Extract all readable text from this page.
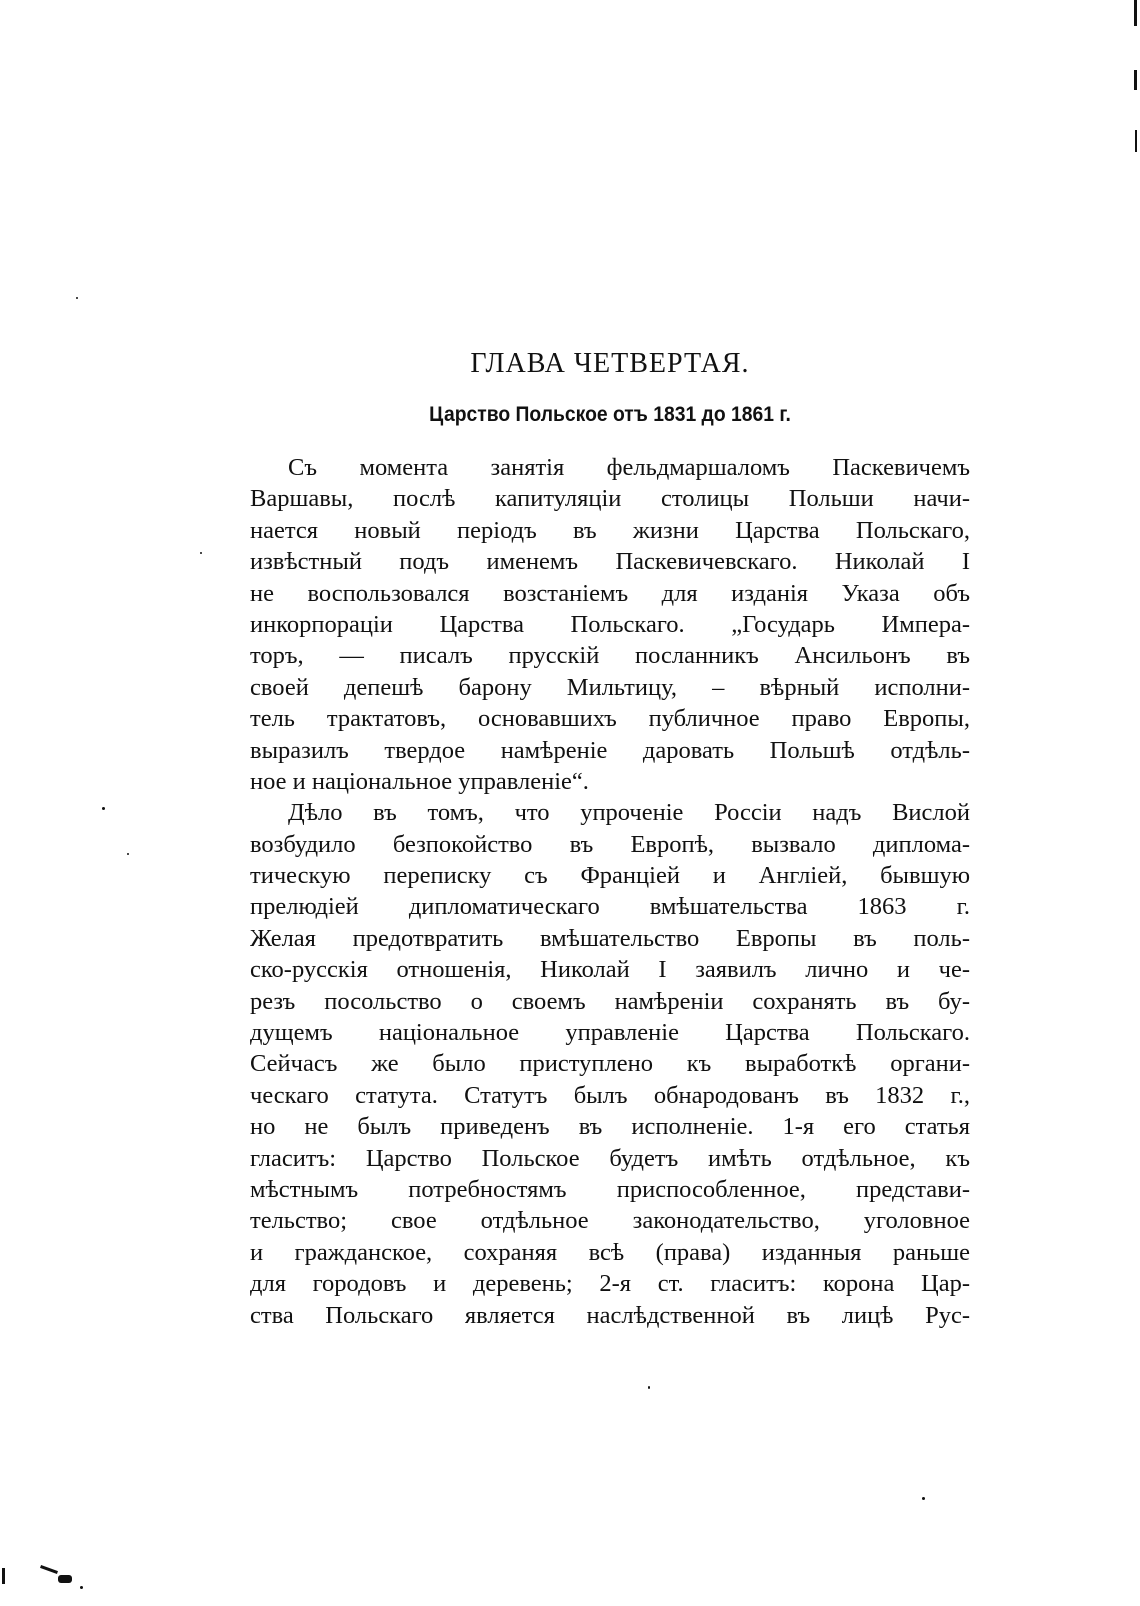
ГЛАВА ЧЕТВЕРТАЯ.
Царство Польское отъ 1831 до 1861 г.
Съ момента занятія фельдмаршаломъ Паскевичемъ
Варшавы, послѣ капитуляціи столицы Польши начи-
нается новый періодъ въ жизни Царства Польскаго,
извѣстный подъ именемъ Паскевичевскаго. Николай I
не воспользовался возстаніемъ для изданія Указа объ
инкорпораціи Царства Польскаго. „Государь Импера-
торъ, — писалъ прусскій посланникъ Ансильонъ въ
своей депешѣ барону Мильтицу, – вѣрный исполни-
тель трактатовъ, основавшихъ публичное право Европы,
выразилъ твердое намѣреніе даровать Польшѣ отдѣль-
ное и національное управленіе“.
Дѣло въ томъ, что упроченіе Россіи надъ Вислой
возбудило безпокойство въ Европѣ, вызвало диплома-
тическую переписку съ Франціей и Англіей, бывшую
прелюдіей дипломатическаго вмѣшательства 1863 г.
Желая предотвратить вмѣшательство Европы въ поль-
ско-русскія отношенія, Николай I заявилъ лично и че-
резъ посольство о своемъ намѣреніи сохранять въ бу-
дущемъ національное управленіе Царства Польскаго.
Сейчасъ же было приступлено къ выработкѣ органи-
ческаго статута. Статутъ былъ обнародованъ въ 1832 г.,
но не былъ приведенъ въ исполненіе. 1-я его статья
гласитъ: Царство Польское будетъ имѣть отдѣльное, къ
мѣстнымъ потребностямъ приспособленное, представи-
тельство; свое отдѣльное законодательство, уголовное
и гражданское, сохраняя всѣ (права) изданныя раньше
для городовъ и деревень; 2-я ст. гласитъ: корона Цар-
ства Польскаго является наслѣдственной въ лицѣ Рус-
